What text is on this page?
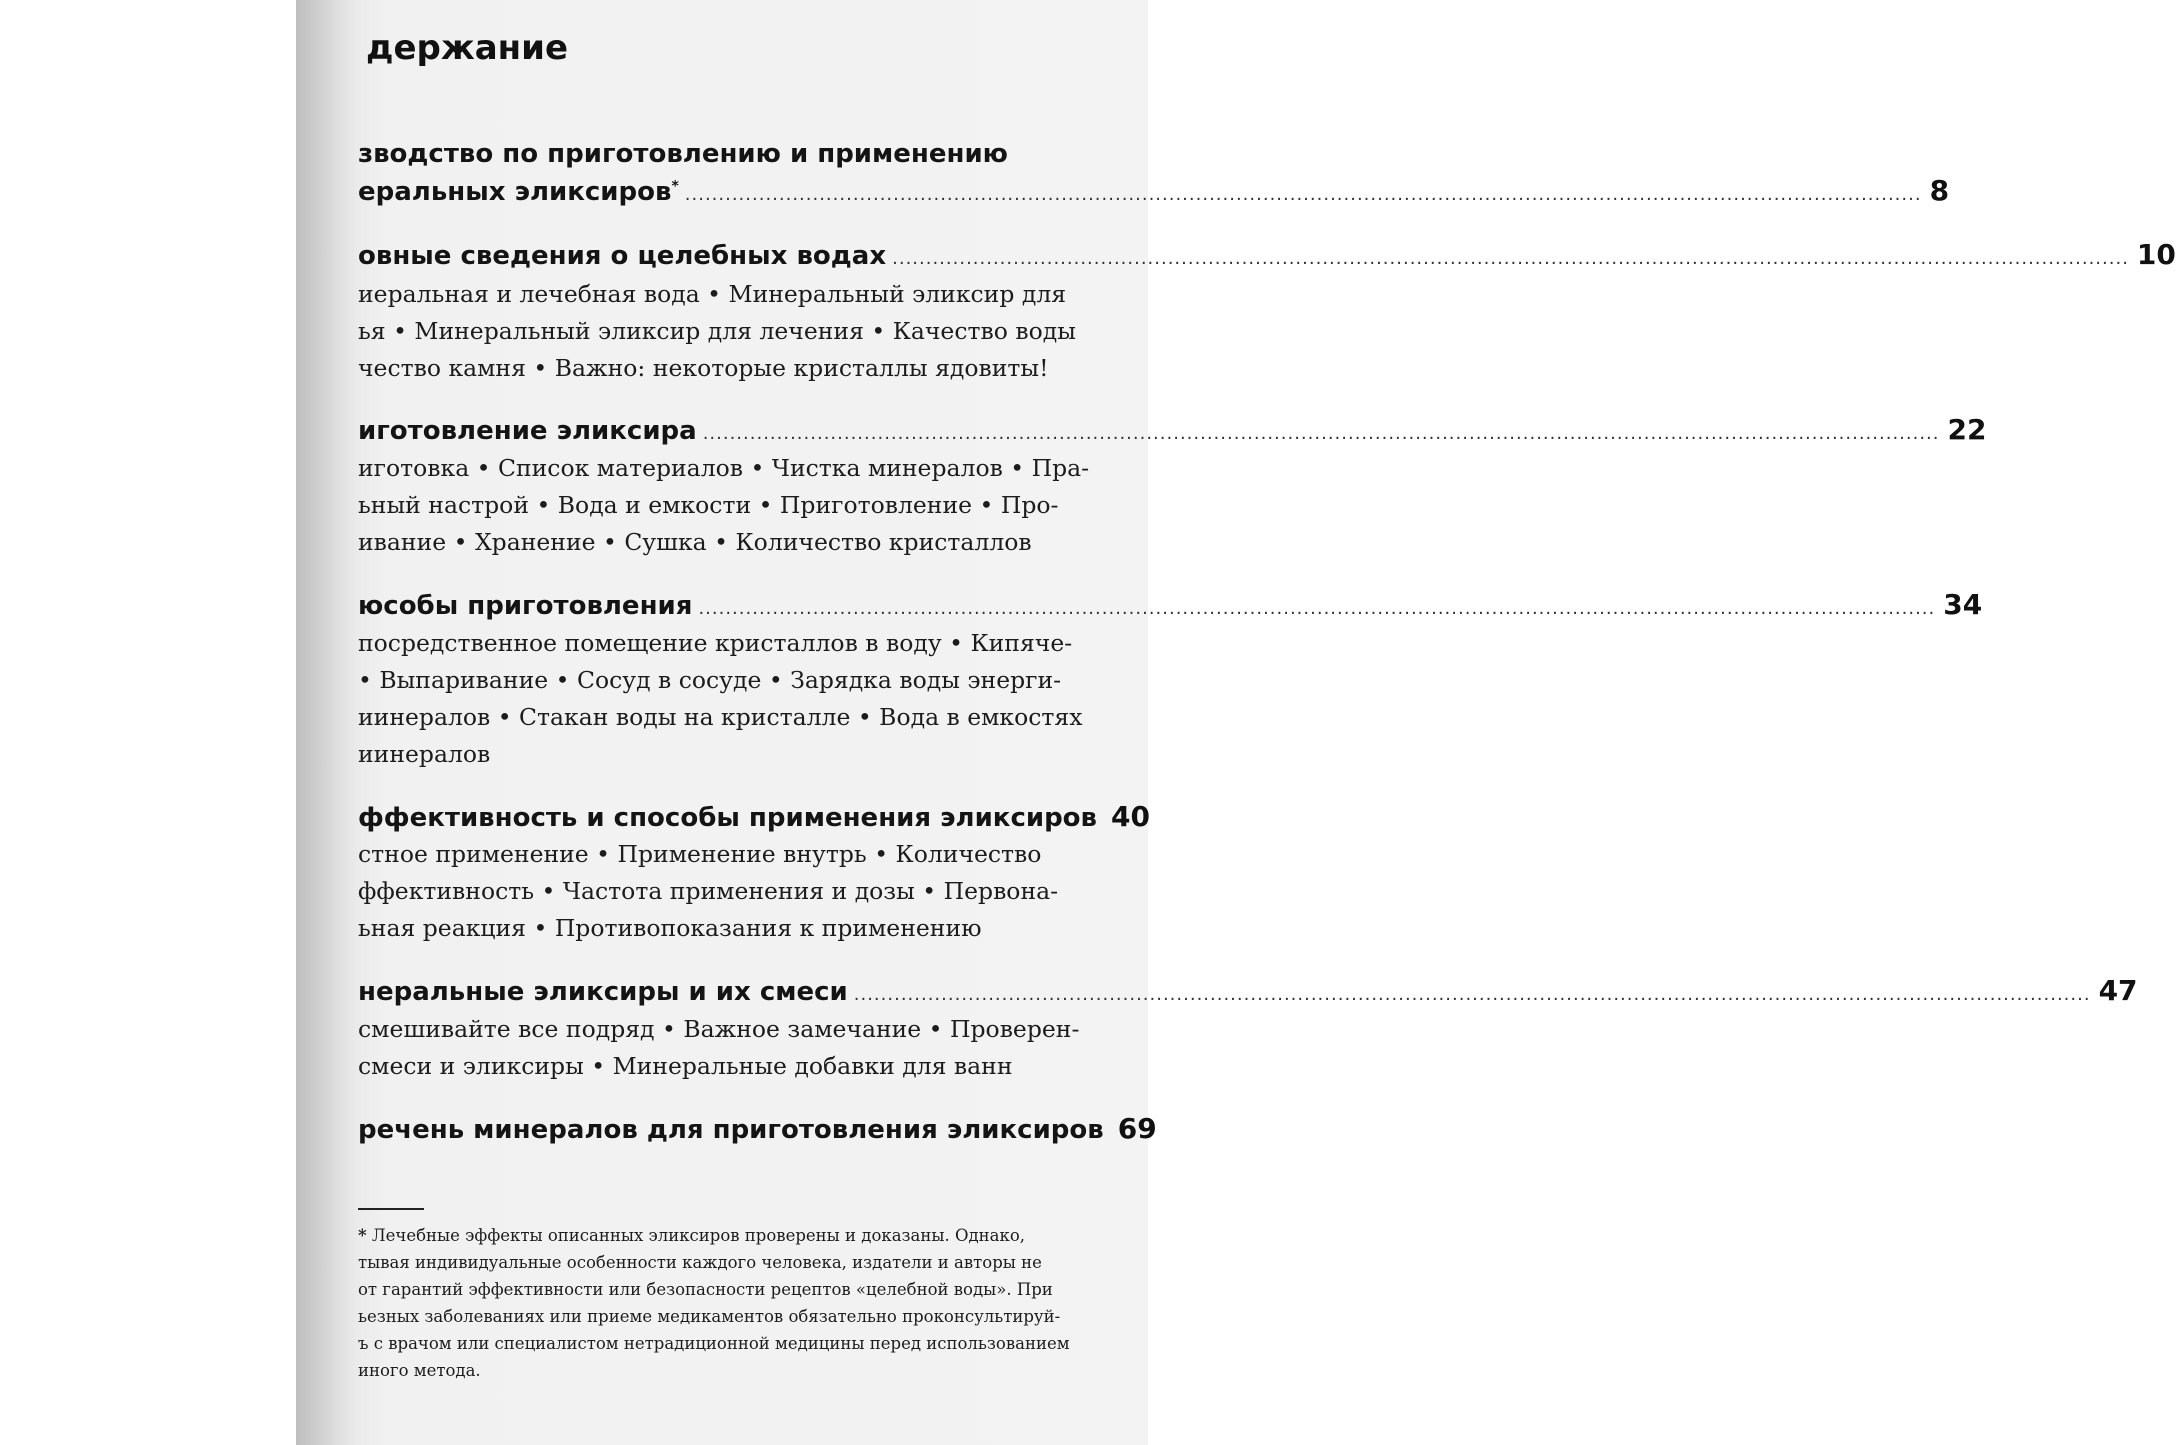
держание
зводство по приготовлению и применению
еральных эликсиров* .....	8
овные сведения о целебных водах .....	10
иеральная и лечебная вода • Минеральный эликсир для
ья • Минеральный эликсир для лечения • Качество воды
чество камня • Важно: некоторые кристаллы ядовиты!
иготовление эликсира .....	22
иготовка • Список материалов • Чистка минералов • Пра-
ьный настрой • Вода и емкости • Приготовление • Про-
ивание • Хранение • Сушка • Количество кристаллов
юсобы приготовления .....	34
посредственное помещение кристаллов в воду • Кипяче-
• Выпаривание • Сосуд в сосуде • Зарядка воды энерги-
иинералов • Стакан воды на кристалле • Вода в емкостях
иинералов
ффективность и способы применения эликсиров 40
стное применение • Применение внутрь • Количество
ффективность • Частота применения и дозы • Первона-
ьная реакция • Противопоказания к применению
неральные эликсиры и их смеси .....	47
смешивайте все подряд • Важное замечание • Проверен-
смеси и эликсиры • Минеральные добавки для ванн
речень минералов для приготовления эликсиров 69
* Лечебные эффекты описанных эликсиров проверены и доказаны. Однако,
тывая индивидуальные особенности каждого человека, издатели и авторы не
от гарантий эффективности или безопасности рецептов «целебной воды». При
ьезных заболеваниях или приеме медикаментов обязательно проконсультируй-
ъ с врачом или специалистом нетрадиционной медицины перед использованием
иного метода.
